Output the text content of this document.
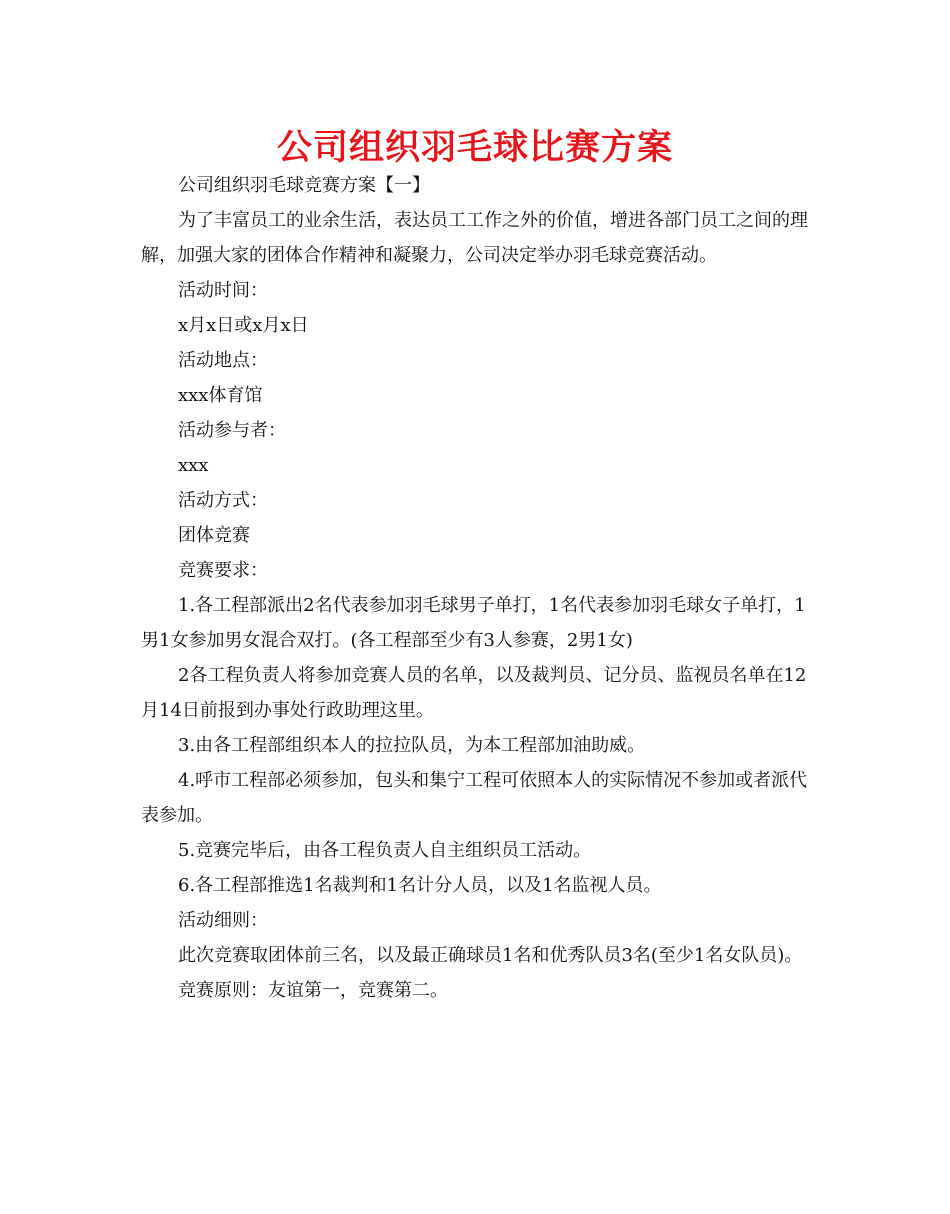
公司组织羽毛球比赛方案

公司组织羽毛球竞赛方案【一】

为了丰富员工的业余生活，表达员工工作之外的价值，增进各部门员工之间的理解，加强大家的团体合作精神和凝聚力，公司决定举办羽毛球竞赛活动。

活动时间：

x月x日或x月x日

活动地点：

xxx体育馆

活动参与者：

xxx

活动方式：

团体竞赛

竞赛要求：

1.各工程部派出2名代表参加羽毛球男子单打，1名代表参加羽毛球女子单打，1男1女参加男女混合双打。(各工程部至少有3人参赛，2男1女)

2各工程负责人将参加竞赛人员的名单，以及裁判员、记分员、监视员名单在12月14日前报到办事处行政助理这里。

3.由各工程部组织本人的拉拉队员，为本工程部加油助威。

4.呼市工程部必须参加，包头和集宁工程可依照本人的实际情况不参加或者派代表参加。

5.竞赛完毕后，由各工程负责人自主组织员工活动。

6.各工程部推选1名裁判和1名计分人员，以及1名监视人员。

活动细则：

此次竞赛取团体前三名，以及最正确球员1名和优秀队员3名(至少1名女队员)。

竞赛原则：友谊第一，竞赛第二。
